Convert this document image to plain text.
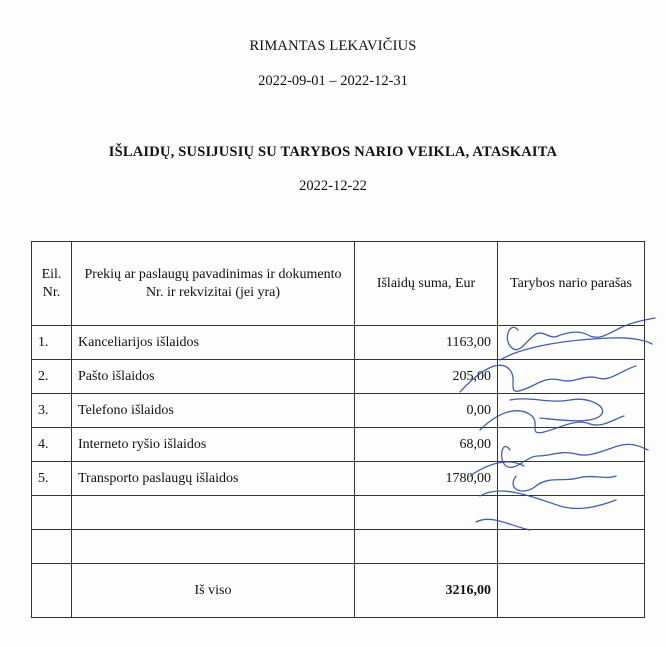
RIMANTAS LEKAVIČIUS
2022-09-01 – 2022-12-31
IŠLAIDŲ, SUSIJUSIŲ SU TARYBOS NARIO VEIKLA, ATASKAITA
2022-12-22
Eil. Nr.	Prekių ar paslaugų pavadinimas ir dokumento Nr. ir rekvizitai (jei yra)	Išlaidų suma, Eur	Tarybos nario parašas
1.	Kanceliarijos išlaidos	1163,00	
2.	Pašto išlaidos	205,00	
3.	Telefono išlaidos	0,00	
4.	Interneto ryšio išlaidos	68,00	
5.	Transporto paslaugų išlaidos	1780,00	

	Iš viso	3216,00	
